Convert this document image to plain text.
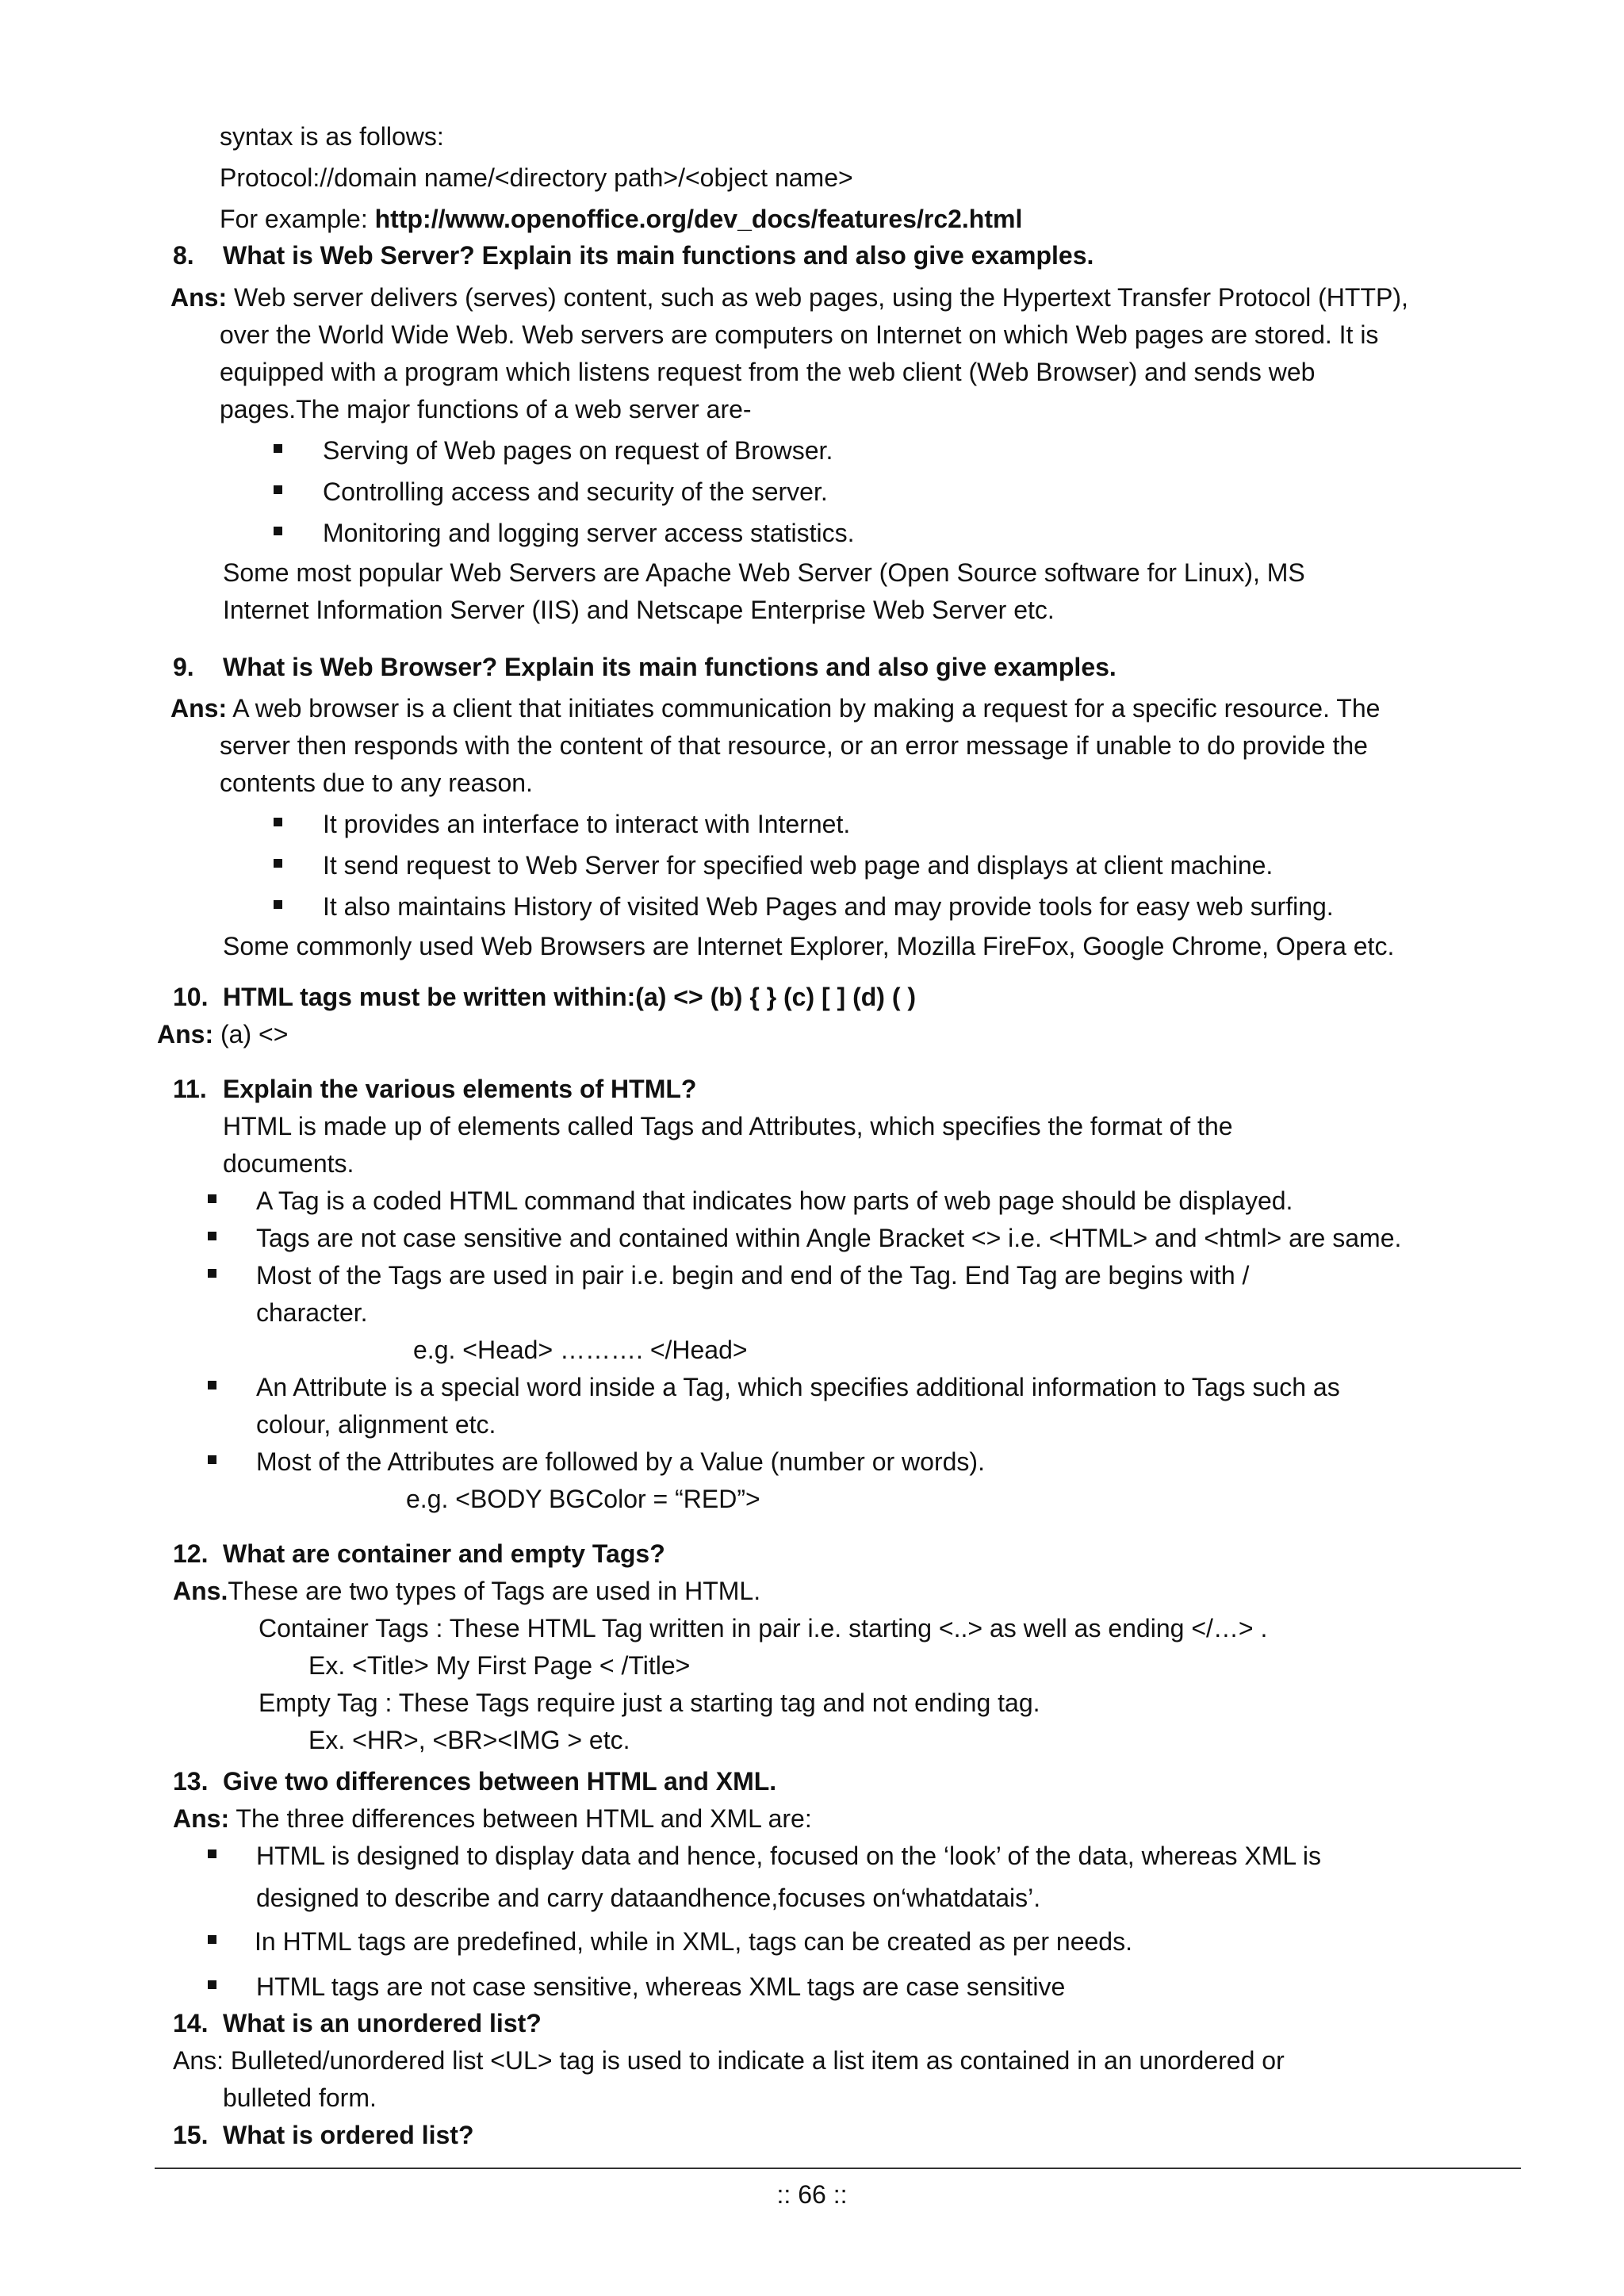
syntax is as follows:
Protocol://domain name/<directory path>/<object name>
For example: http://www.openoffice.org/dev_docs/features/rc2.html
8. What is Web Server? Explain its main functions and also give examples.
Ans: Web server delivers (serves) content, such as web pages, using the Hypertext Transfer Protocol (HTTP),
over the World Wide Web. Web servers are computers on Internet on which Web pages are stored. It is
equipped with a program which listens request from the web client (Web Browser) and sends web
pages.The major functions of a web server are-
Serving of Web pages on request of Browser.
Controlling access and security of the server.
Monitoring and logging server access statistics.
Some most popular Web Servers are Apache Web Server (Open Source software for Linux), MS
Internet Information Server (IIS) and Netscape Enterprise Web Server etc.
9. What is Web Browser? Explain its main functions and also give examples.
Ans: A web browser is a client that initiates communication by making a request for a specific resource. The
server then responds with the content of that resource, or an error message if unable to do provide the
contents due to any reason.
It provides an interface to interact with Internet.
It send request to Web Server for specified web page and displays at client machine.
It also maintains History of visited Web Pages and may provide tools for easy web surfing.
Some commonly used Web Browsers are Internet Explorer, Mozilla FireFox, Google Chrome, Opera etc.
10. HTML tags must be written within:(a) <> (b) { } (c) [ ] (d) ( )
Ans: (a) <>
11. Explain the various elements of HTML?
HTML is made up of elements called Tags and Attributes, which specifies the format of the
documents.
A Tag is a coded HTML command that indicates how parts of web page should be displayed.
Tags are not case sensitive and contained within Angle Bracket <> i.e. <HTML> and <html> are same.
Most of the Tags are used in pair i.e. begin and end of the Tag. End Tag are begins with /
character.
e.g. <Head> ………. </Head>
An Attribute is a special word inside a Tag, which specifies additional information to Tags such as
colour, alignment etc.
Most of the Attributes are followed by a Value (number or words).
e.g. <BODY BGColor = “RED”>
12. What are container and empty Tags?
Ans.These are two types of Tags are used in HTML.
Container Tags : These HTML Tag written in pair i.e. starting <..> as well as ending </…> .
Ex. <Title> My First Page < /Title>
Empty Tag : These Tags require just a starting tag and not ending tag.
Ex. <HR>, <BR><IMG > etc.
13. Give two differences between HTML and XML.
Ans: The three differences between HTML and XML are:
HTML is designed to display data and hence, focused on the ‘look’ of the data, whereas XML is
designed to describe and carry dataandhence,focuses on‘whatdatais’.
In HTML tags are predefined, while in XML, tags can be created as per needs.
HTML tags are not case sensitive, whereas XML tags are case sensitive
14. What is an unordered list?
Ans: Bulleted/unordered list <UL> tag is used to indicate a list item as contained in an unordered or
bulleted form.
15. What is ordered list?
:: 66 ::
